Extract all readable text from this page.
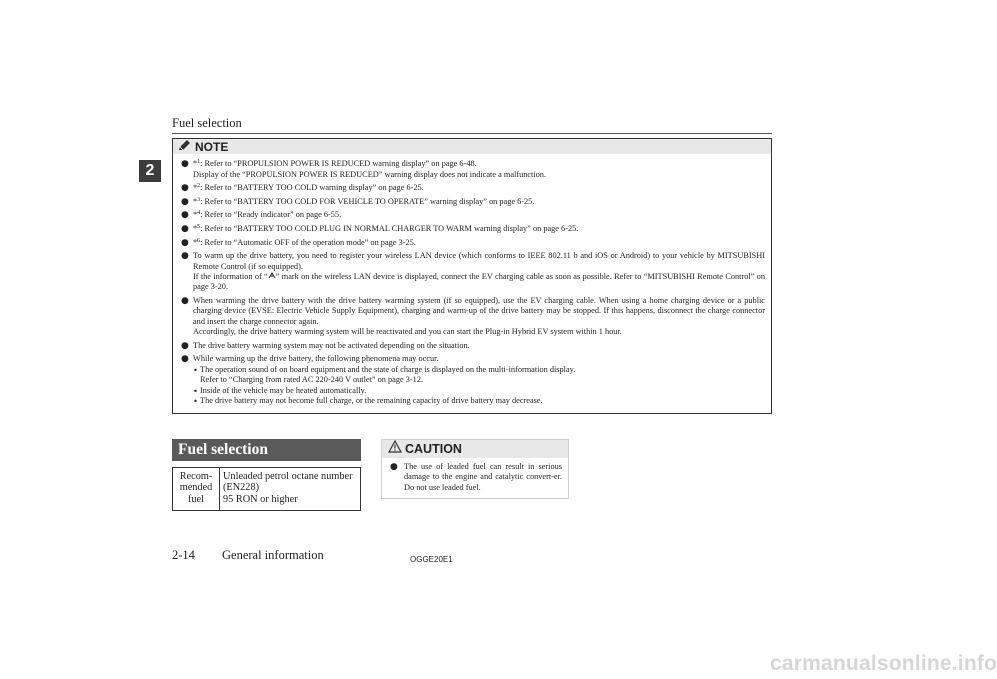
Fuel selection
2
NOTE
● *$^1$: Refer to “PROPULSION POWER IS REDUCED warning display” on page 6-48.
Display of the “PROPULSION POWER IS REDUCED” warning display does not indicate a malfunction.
● *$^2$: Refer to “BATTERY TOO COLD warning display” on page 6-25.
● *$^3$: Refer to “BATTERY TOO COLD FOR VEHICLE TO OPERATE” warning display” on page 6-25.
● *$^4$: Refer to “Ready indicator” on page 6-55.
● *$^5$: Refer to “BATTERY TOO COLD PLUG IN NORMAL CHARGER TO WARM warning display” on page 6-25.
● *$^6$: Refer to “Automatic OFF of the operation mode” on page 3-25.
● To warm up the drive battery, you need to register your wireless LAN device (which conforms to IEEE 802.11 b and iOS or Android) to your vehicle by MITSUBISHI Remote Control (if so equipped).
If the information of “ ” mark on the wireless LAN device is displayed, connect the EV charging cable as soon as possible. Refer to “MITSUBISHI Remote Control” on page 3-20.
● When warming the drive battery with the drive battery warming system (if so equipped), use the EV charging cable. When using a home charging device or a public charging device (EVSE: Electric Vehicle Supply Equipment), charging and warm-up of the drive battery may be stopped. If this happens, disconnect the charge connector and insert the charge connector again.
Accordingly, the drive battery warming system will be reactivated and you can start the Plug-in Hybrid EV system within 1 hour.
● The drive battery warming system may not be activated depending on the situation.
● While warming up the drive battery, the following phenomena may occur.
• The operation sound of on board equipment and the state of charge is displayed on the multi-information display.
Refer to “Charging from rated AC 220-240 V outlet” on page 3-12.
• Inside of the vehicle may be heated automatically.
• The drive battery may not become full charge, or the remaining capacity of drive battery may decrease.
Fuel selection
Recom-
mended
fuel
Unleaded petrol octane number
(EN228)
95 RON or higher
CAUTION
● The use of leaded fuel can result in serious damage to the engine and catalytic convert-er. Do not use leaded fuel.
2-14 General information	OGGE20E1
carmanualsonline.info
